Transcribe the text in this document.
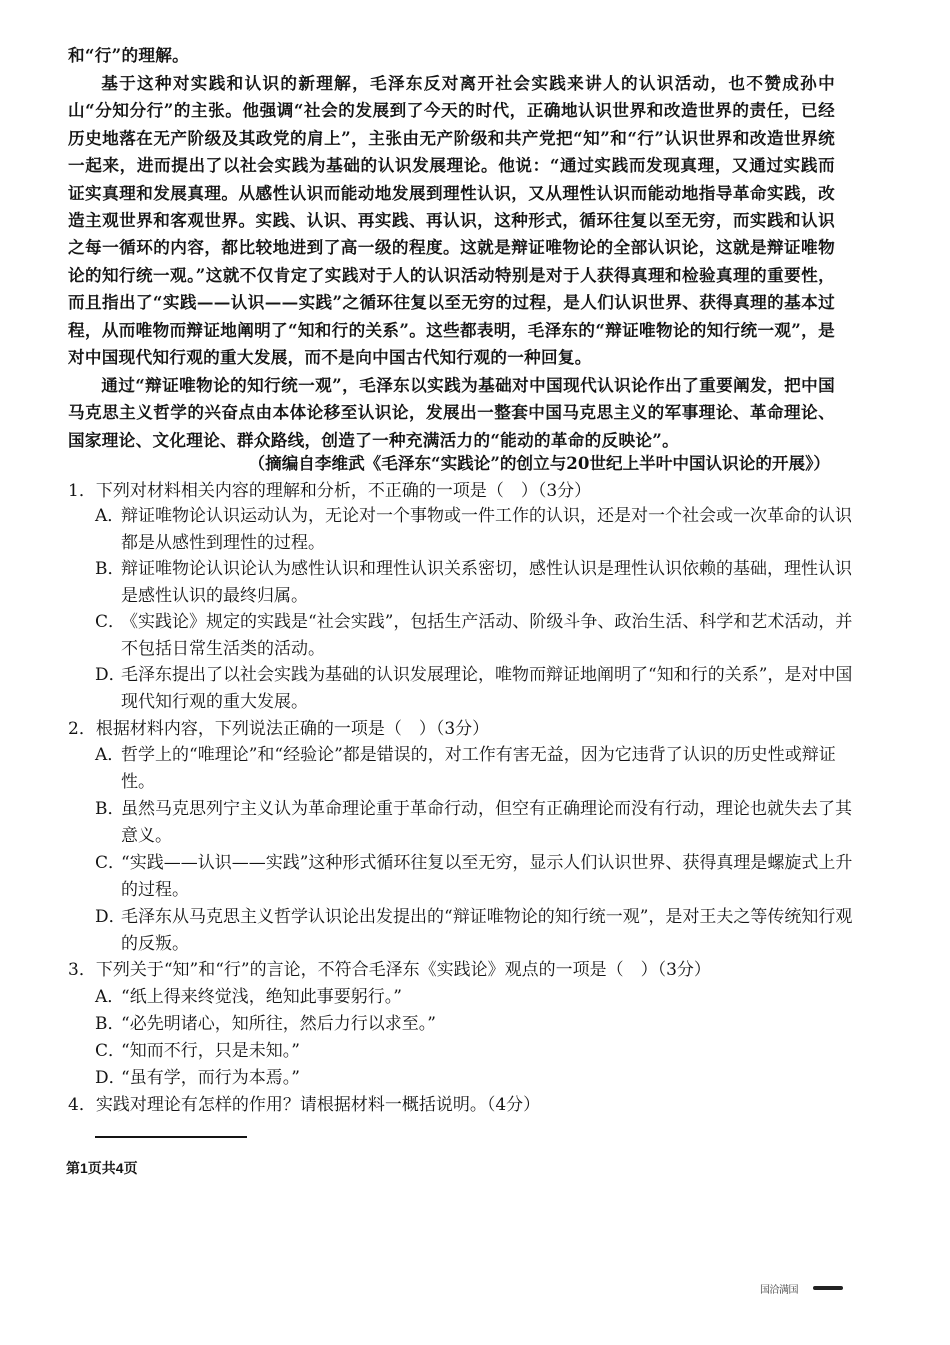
和“行”的理解。
基于这种对实践和认识的新理解，毛泽东反对离开社会实践来讲人的认识活动，也不赞成孙中山“分知分行”的主张。他强调“社会的发展到了今天的时代，正确地认识世界和改造世界的责任，已经历史地落在无产阶级及其政党的肩上”，主张由无产阶级和共产党把“知”和“行”认识世界和改造世界统一起来，进而提出了以社会实践为基础的认识发展理论。他说：“通过实践而发现真理，又通过实践而证实真理和发展真理。从感性认识而能动地发展到理性认识，又从理性认识而能动地指导革命实践，改造主观世界和客观世界。实践、认识、再实践、再认识，这种形式，循环往复以至无穷，而实践和认识之每一循环的内容，都比较地进到了高一级的程度。这就是辩证唯物论的全部认识论，这就是辩证唯物论的知行统一观。”这就不仅肯定了实践对于人的认识活动特别是对于人获得真理和检验真理的重要性，而且指出了“实践——认识——实践”之循环往复以至无穷的过程，是人们认识世界、获得真理的基本过程，从而唯物而辩证地阐明了“知和行的关系”。这些都表明，毛泽东的“辩证唯物论的知行统一观”，是对中国现代知行观的重大发展，而不是向中国古代知行观的一种回复。
通过“辩证唯物论的知行统一观”，毛泽东以实践为基础对中国现代认识论作出了重要阐发，把中国马克思主义哲学的兴奋点由本体论移至认识论，发展出一整套中国马克思主义的军事理论、革命理论、国家理论、文化理论、群众路线，创造了一种充满活力的“能动的革命的反映论”。
（摘编自李维武《毛泽东“实践论”的创立与20世纪上半叶中国认识论的开展》）
1．下列对材料相关内容的理解和分析，不正确的一项是（　）（3分）
A．辩证唯物论认识运动认为，无论对一个事物或一件工作的认识，还是对一个社会或一次革命的认识都是从感性到理性的过程。
B．辩证唯物论认识论认为感性认识和理性认识关系密切，感性认识是理性认识依赖的基础，理性认识是感性认识的最终归属。
C．《实践论》规定的实践是“社会实践”，包括生产活动、阶级斗争、政治生活、科学和艺术活动，并不包括日常生活类的活动。
D．毛泽东提出了以社会实践为基础的认识发展理论，唯物而辩证地阐明了“知和行的关系”，是对中国现代知行观的重大发展。
2．根据材料内容，下列说法正确的一项是（　）（3分）
A．哲学上的“唯理论”和“经验论”都是错误的，对工作有害无益，因为它违背了认识的历史性或辩证性。
B．虽然马克思列宁主义认为革命理论重于革命行动，但空有正确理论而没有行动，理论也就失去了其意义。
C．“实践——认识——实践”这种形式循环往复以至无穷，显示人们认识世界、获得真理是螺旋式上升的过程。
D．毛泽东从马克思主义哲学认识论出发提出的“辩证唯物论的知行统一观”，是对王夫之等传统知行观的反叛。
3．下列关于“知”和“行”的言论，不符合毛泽东《实践论》观点的一项是（　）（3分）
A．“纸上得来终觉浅，绝知此事要躬行。”
B．“必先明诸心，知所往，然后力行以求至。”
C．“知而不行，只是未知。”
D．“虽有学，而行为本焉。”
4．实践对理论有怎样的作用？请根据材料一概括说明。（4分）
第1页共4页
国洽满国
